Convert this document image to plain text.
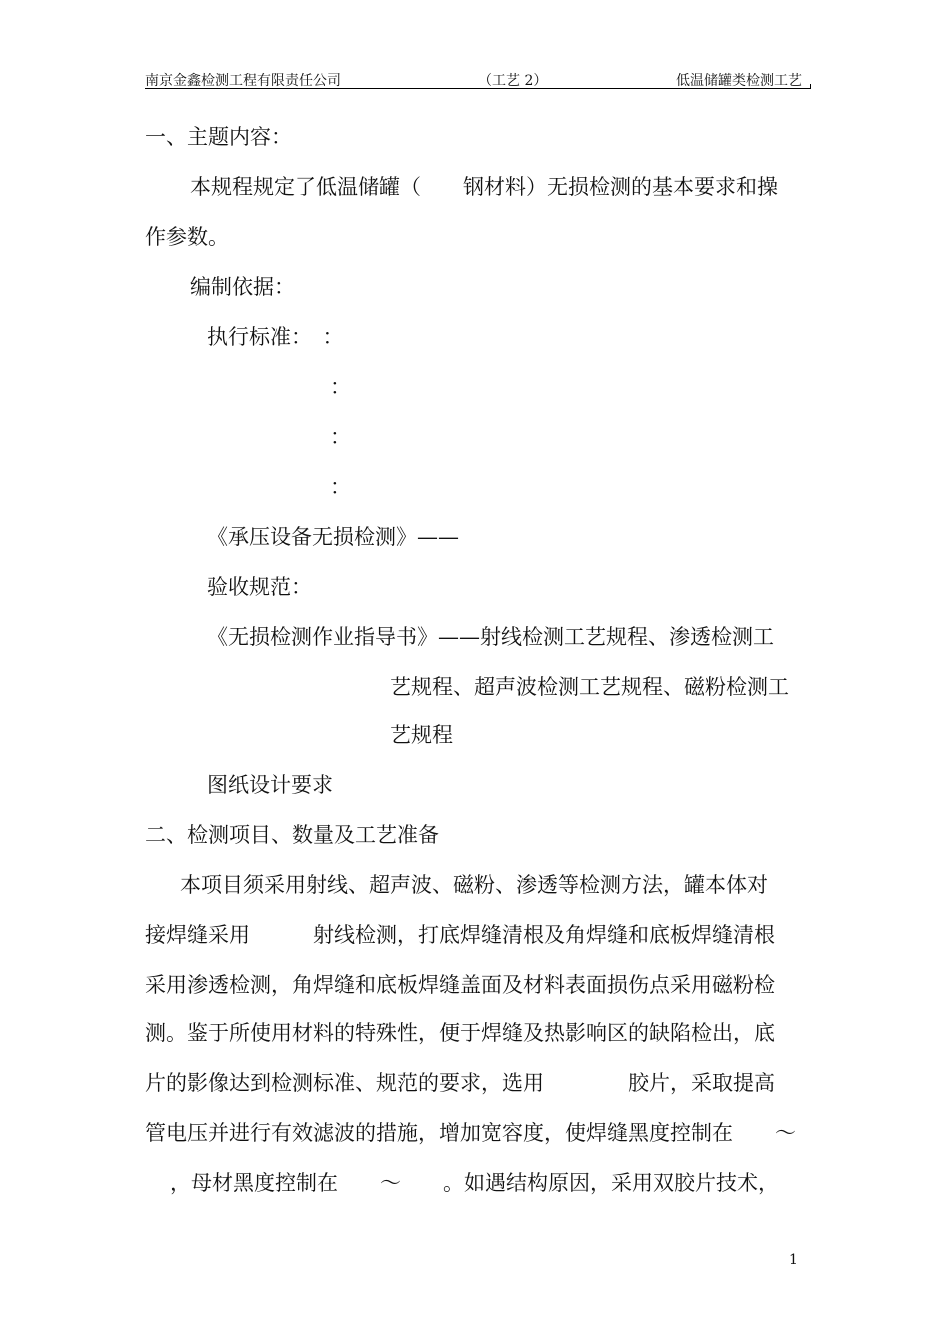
南京金鑫检测工程有限责任公司	（工艺 2）	低温储罐类检测工艺
一、主题内容：
本规程规定了低温储罐（　　钢材料）无损检测的基本要求和操
作参数。
编制依据：
执行标准：　：
：
：
：
《承压设备无损检测》——
验收规范：
《无损检测作业指导书》——射线检测工艺规程、渗透检测工
艺规程、超声波检测工艺规程、磁粉检测工
艺规程
图纸设计要求
二、检测项目、数量及工艺准备
本项目须采用射线、超声波、磁粉、渗透等检测方法，罐本体对
接焊缝采用　　　射线检测，打底焊缝清根及角焊缝和底板焊缝清根
采用渗透检测，角焊缝和底板焊缝盖面及材料表面损伤点采用磁粉检
测。鉴于所使用材料的特殊性，便于焊缝及热影响区的缺陷检出，底
片的影像达到检测标准、规范的要求，选用　　　　胶片，采取提高
管电压并进行有效滤波的措施，增加宽容度，使焊缝黑度控制在　　～
，母材黑度控制在　　～　　。如遇结构原因，采用双胶片技术，
1
